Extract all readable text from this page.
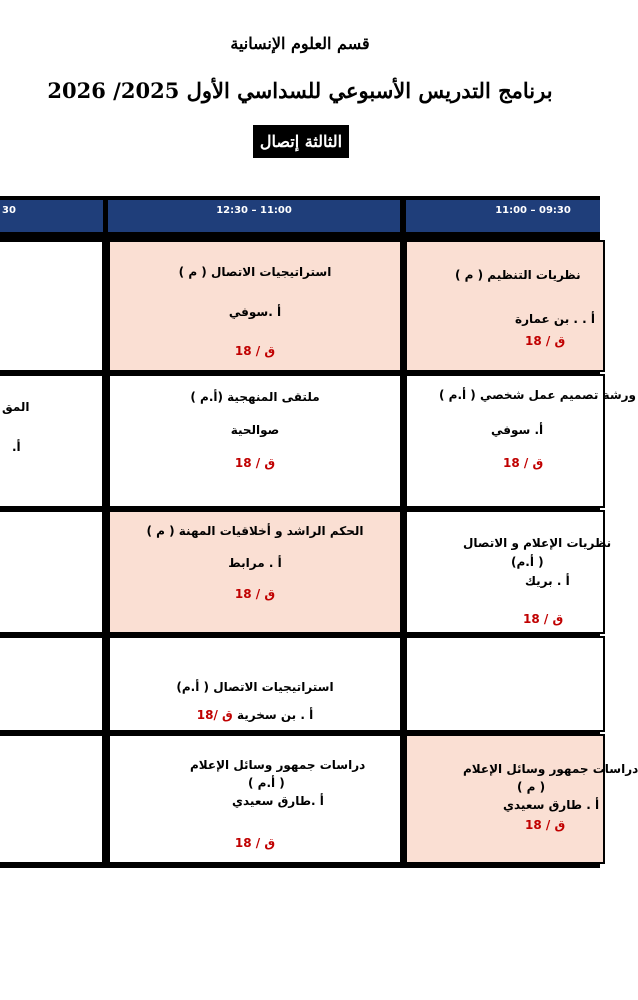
قسم العلوم الإنسانية
برنامج التدريس الأسبوعي للسداسي الأول 2025/ 2026
الثالثة إتصال
30	12:30 – 11:00	11:00 – 09:30
استراتيجيات الاتصال ( م )
أ .سوفي
ق / 18
نظريات التنظيم ( م )
أ . . بن عمارة
ق / 18
المق
أ.
ملتقى المنهجية (أ.م )
صوالحية
ق / 18
ورشة تصميم عمل شخصي ( أ.م )
أ. سوفي
ق / 18
الحكم الراشد و أخلاقيات المهنة ( م )
أ . مرابط
ق / 18
نظريات الإعلام و الاتصال
( أ.م)
أ . بريك
ق / 18
استراتيجيات الاتصال ( أ.م)
أ . بن سخرية ق /18
دراسات جمهور وسائل الإعلام
( أ.م )
أ .طارق سعيدي
ق / 18
دراسات جمهور وسائل الإعلام
( م )
أ . طارق سعيدي
ق / 18
